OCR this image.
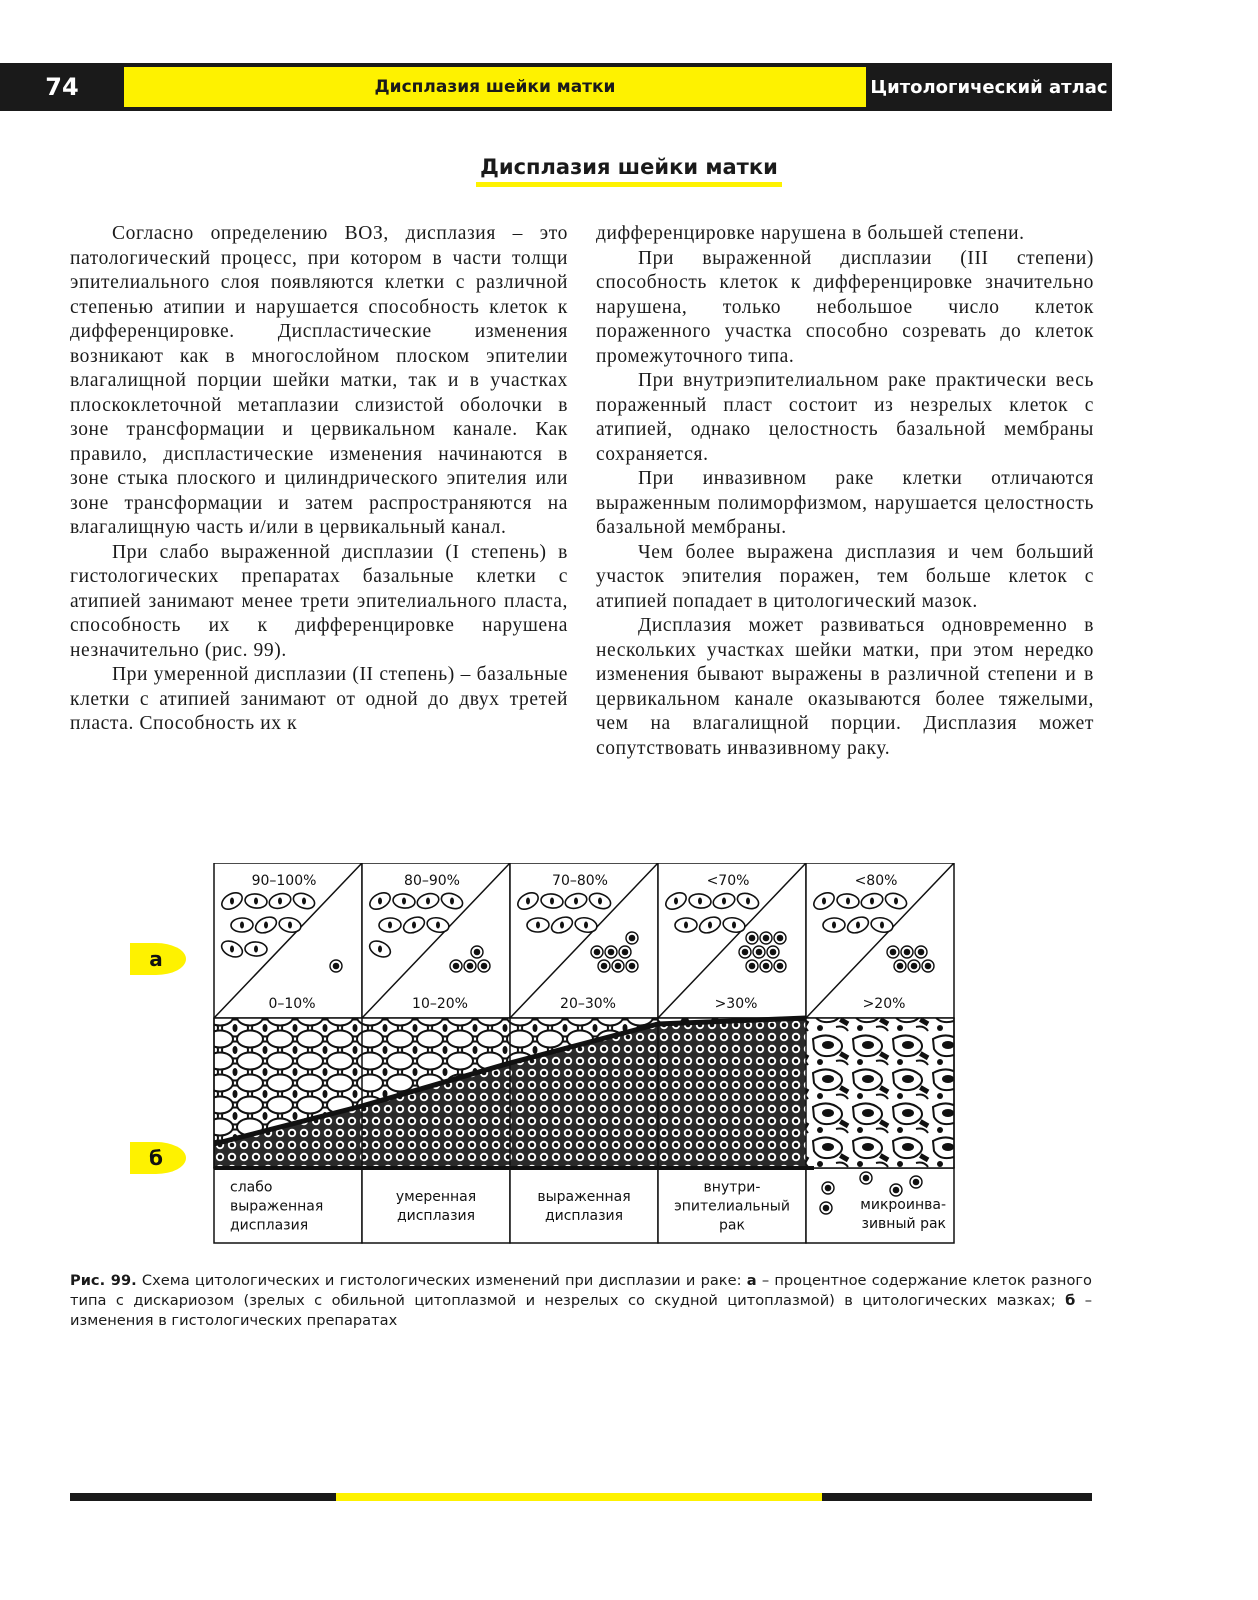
74	Дисплазия шейки матки	Цитологический атлас
Дисплазия шейки матки

Согласно определению ВОЗ, дисплазия – это патологический процесс, при котором в части толщи эпителиального слоя появляются клетки с различной степенью атипии и нарушается способность клеток к дифференцировке. Диспластические изменения возникают как в многослойном плоском эпителии влагалищной порции шейки матки, так и в участках плоскоклеточной метаплазии слизистой оболочки в зоне трансформации и цервикальном канале. Как правило, диспластические изменения начинаются в зоне стыка плоского и цилиндрического эпителия или зоне трансформации и затем распространяются на влагалищную часть и/или в цервикальный канал.

При слабо выраженной дисплазии (I степень) в гистологических препаратах базальные клетки с атипией занимают менее трети эпителиального пласта, способность их к дифференцировке нарушена незначительно (рис. 99).

При умеренной дисплазии (II степень) – базальные клетки с атипией занимают от одной до двух третей пласта. Способность их к

дифференцировке нарушена в большей степени.

При выраженной дисплазии (III степени) способность клеток к дифференцировке значительно нарушена, только небольшое число клеток пораженного участка способно созревать до клеток промежуточного типа.

При внутриэпителиальном раке практически весь пораженный пласт состоит из незрелых клеток с атипией, однако целостность базальной мембраны сохраняется.

При инвазивном раке клетки отличаются выраженным полиморфизмом, нарушается целостность базальной мембраны.

Чем более выражена дисплазия и чем больший участок эпителия поражен, тем больше клеток с атипией попадает в цитологический мазок.

Дисплазия может развиваться одновременно в нескольких участках шейки матки, при этом нередко изменения бывают выражены в различной степени и в цервикальном канале оказываются более тяжелыми, чем на влагалищной порции. Дисплазия может сопутствовать инвазивному раку.

а
б
90–100%
0–10%
слабо
выраженная
дисплазия
80–90%
10–20%
умеренная
дисплазия
70–80%
20–30%
выраженная
дисплазия
<70%
>30%
внутри-
эпителиальный
рак
<80%
>20%
микроинва-
зивный рак
Рис. 99. Схема цитологических и гистологических изменений при дисплазии и раке: а – процентное содержание клеток разного типа с дискариозом (зрелых с обильной цитоплазмой и незрелых со скудной цитоплазмой) в цитологических мазках; б – изменения в гистологических препаратах
